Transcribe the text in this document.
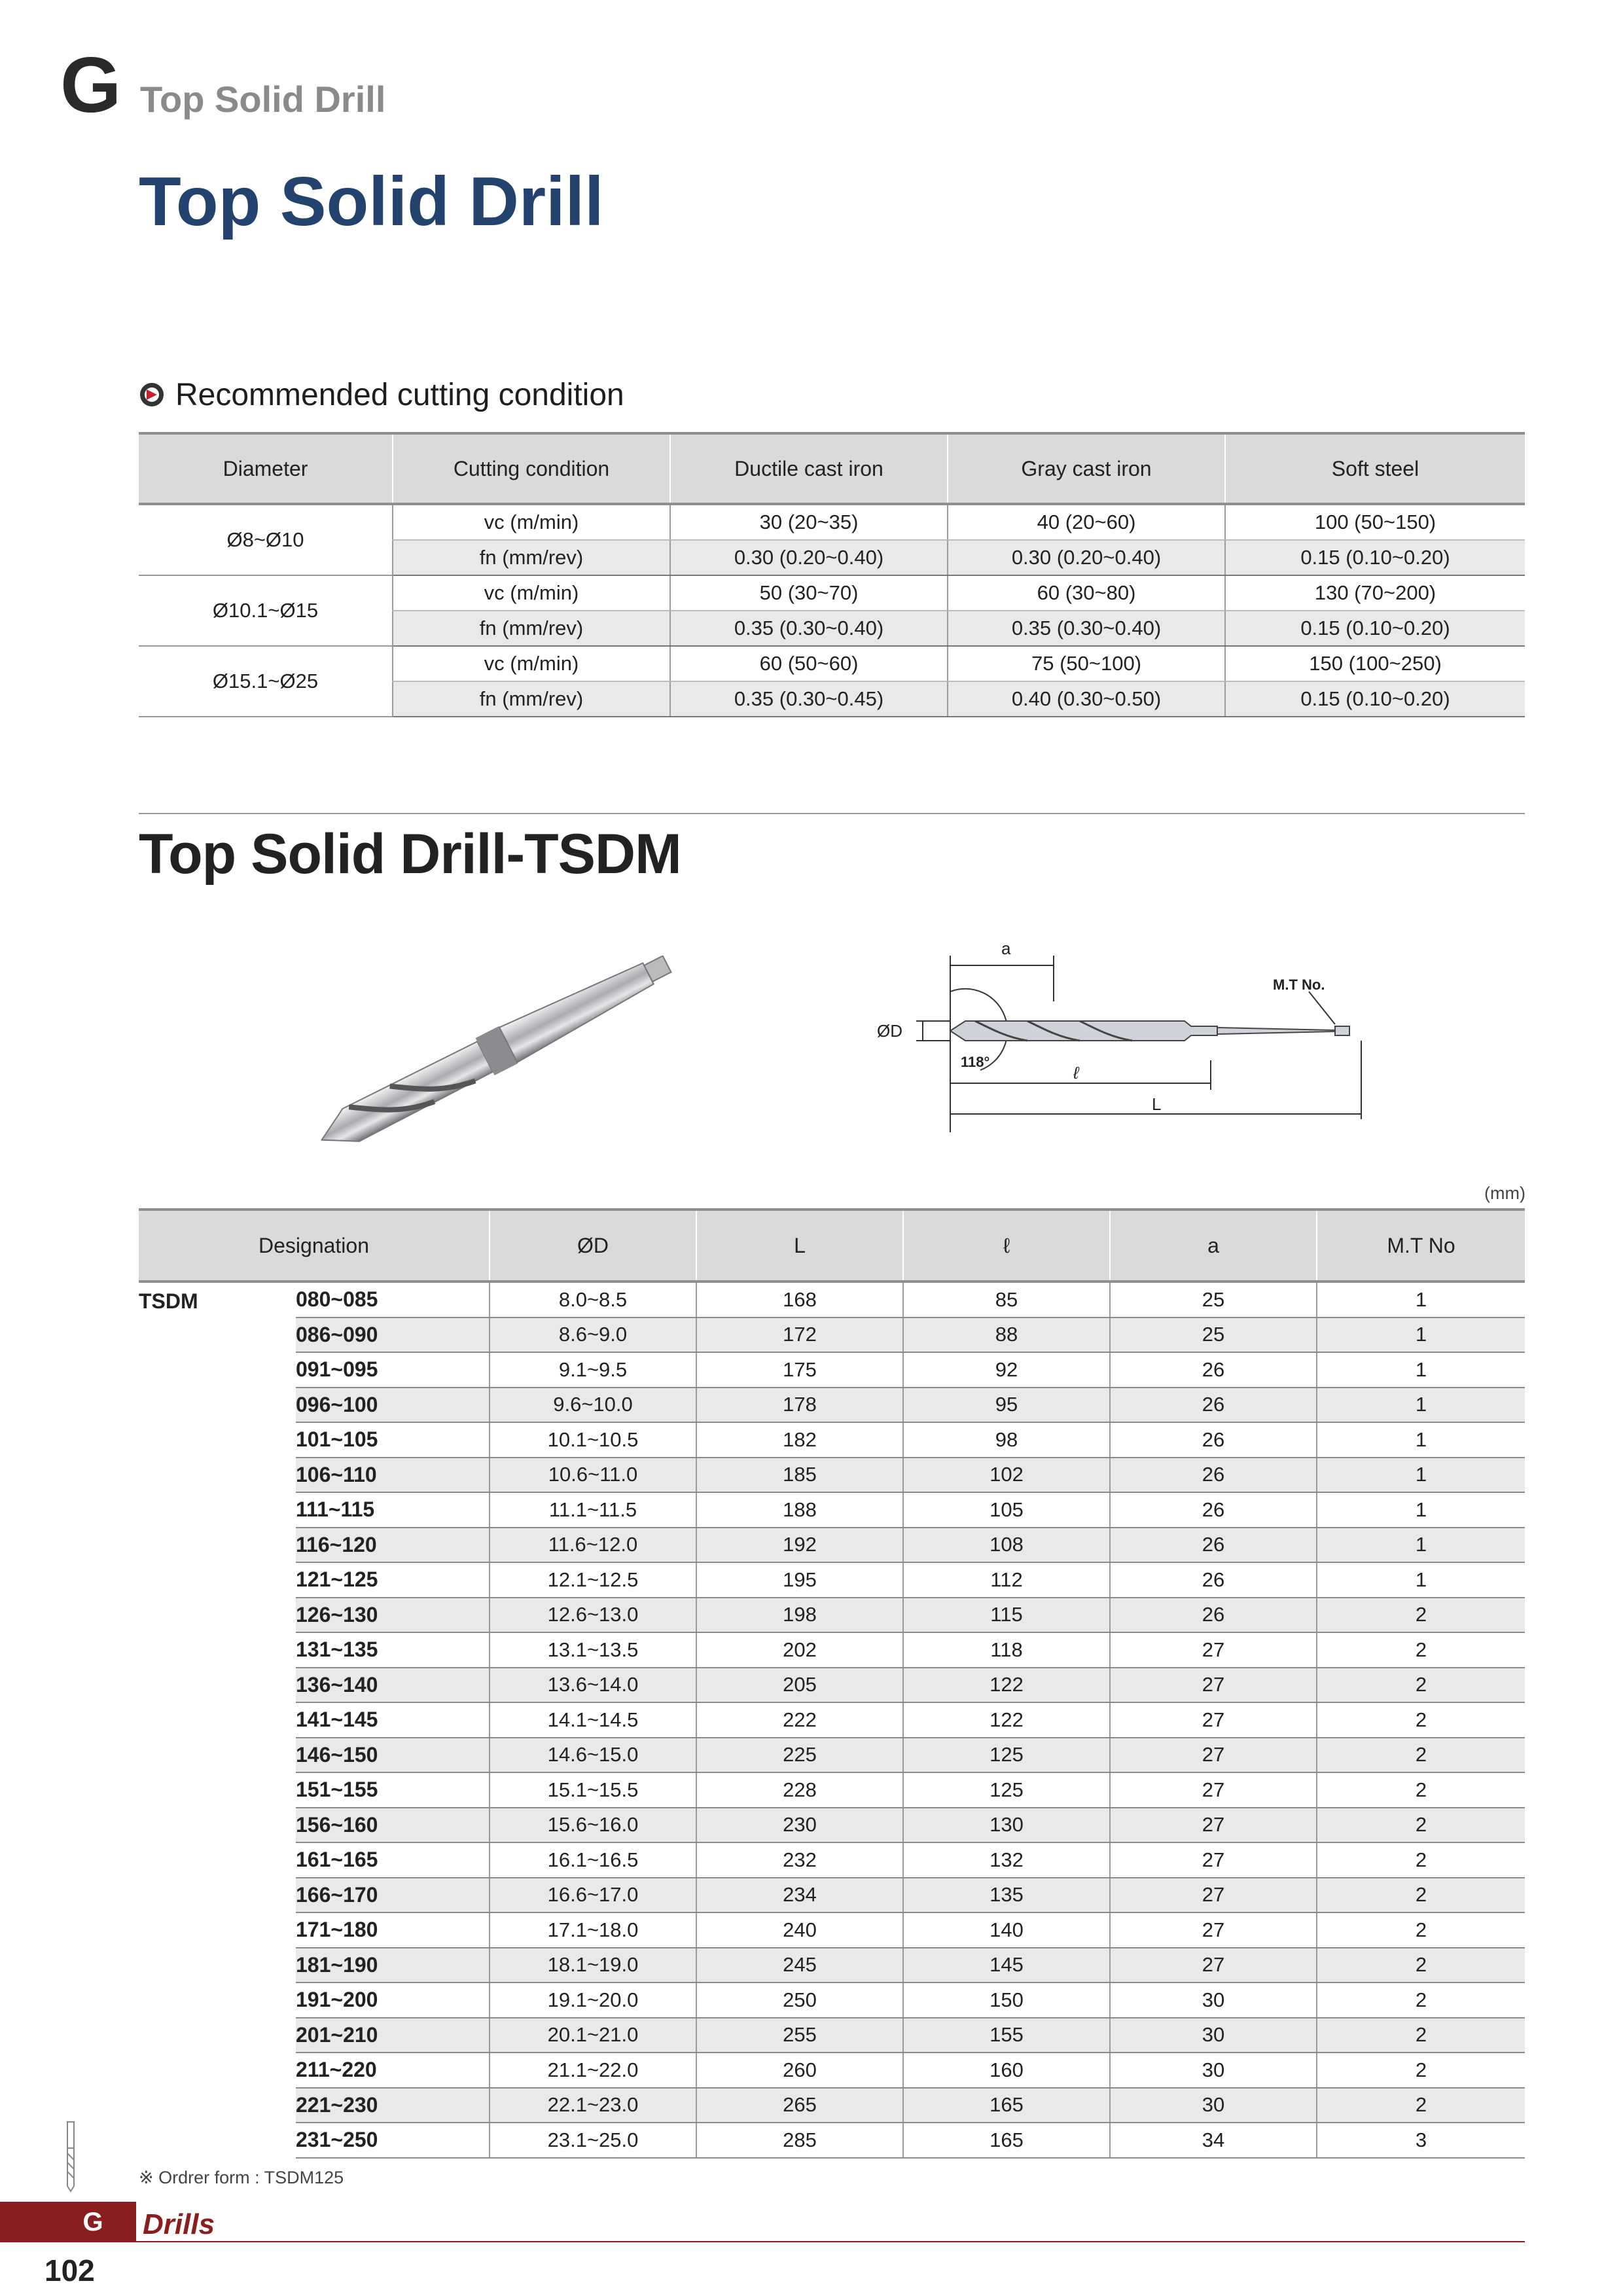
G Top Solid Drill
Top Solid Drill
Recommended cutting condition
Diameter	Cutting condition	Ductile cast iron	Gray cast iron	Soft steel
Ø8~Ø10	vc (m/min)	30 (20~35)	40 (20~60)	100 (50~150)
	fn (mm/rev)	0.30 (0.20~0.40)	0.30 (0.20~0.40)	0.15 (0.10~0.20)
Ø10.1~Ø15	vc (m/min)	50 (30~70)	60 (30~80)	130 (70~200)
	fn (mm/rev)	0.35 (0.30~0.40)	0.35 (0.30~0.40)	0.15 (0.10~0.20)
Ø15.1~Ø25	vc (m/min)	60 (50~60)	75 (50~100)	150 (100~250)
	fn (mm/rev)	0.35 (0.30~0.45)	0.40 (0.30~0.50)	0.15 (0.10~0.20)
Top Solid Drill-TSDM
a
M.T No.
ØD
118°
ℓ
L
(mm)
Designation		ØD	L	ℓ	a	M.T No
TSDM	080~085	8.0~8.5	168	85	25	1
	086~090	8.6~9.0	172	88	25	1
	091~095	9.1~9.5	175	92	26	1
	096~100	9.6~10.0	178	95	26	1
	101~105	10.1~10.5	182	98	26	1
	106~110	10.6~11.0	185	102	26	1
	111~115	11.1~11.5	188	105	26	1
	116~120	11.6~12.0	192	108	26	1
	121~125	12.1~12.5	195	112	26	1
	126~130	12.6~13.0	198	115	26	2
	131~135	13.1~13.5	202	118	27	2
	136~140	13.6~14.0	205	122	27	2
	141~145	14.1~14.5	222	122	27	2
	146~150	14.6~15.0	225	125	27	2
	151~155	15.1~15.5	228	125	27	2
	156~160	15.6~16.0	230	130	27	2
	161~165	16.1~16.5	232	132	27	2
	166~170	16.6~17.0	234	135	27	2
	171~180	17.1~18.0	240	140	27	2
	181~190	18.1~19.0	245	145	27	2
	191~200	19.1~20.0	250	150	30	2
	201~210	20.1~21.0	255	155	30	2
	211~220	21.1~22.0	260	160	30	2
	221~230	22.1~23.0	265	165	30	2
	231~250	23.1~25.0	285	165	34	3
※ Ordrer form : TSDM125
G	Drills
102
